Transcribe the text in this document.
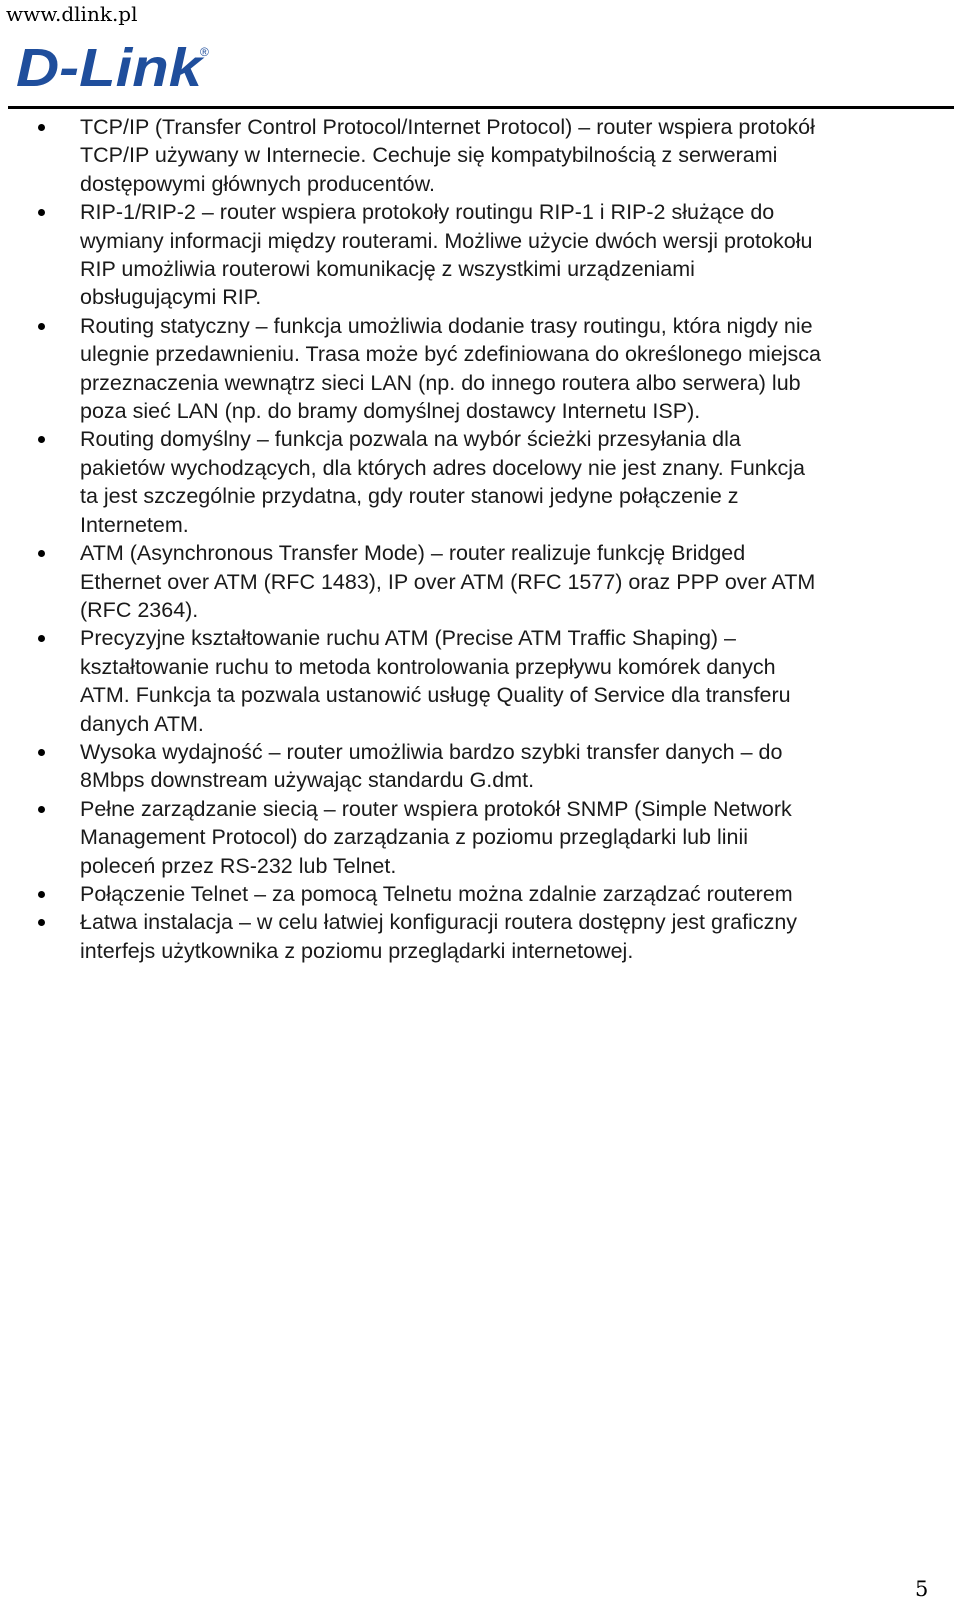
www.dlink.pl
D-Link
®
TCP/IP (Transfer Control Protocol/Internet Protocol) – router wspiera protokół
TCP/IP używany w Internecie. Cechuje się kompatybilnością z serwerami
dostępowymi głównych producentów.
RIP-1/RIP-2 – router wspiera protokoły routingu RIP-1 i RIP-2 służące do
wymiany informacji między routerami. Możliwe użycie dwóch wersji protokołu
RIP umożliwia routerowi komunikację z wszystkimi urządzeniami
obsługującymi RIP.
Routing statyczny – funkcja umożliwia dodanie trasy routingu, która nigdy nie
ulegnie przedawnieniu. Trasa może być zdefiniowana do określonego miejsca
przeznaczenia wewnątrz sieci LAN (np. do innego routera albo serwera) lub
poza sieć LAN (np. do bramy domyślnej dostawcy Internetu ISP).
Routing domyślny – funkcja pozwala na wybór ścieżki przesyłania dla
pakietów wychodzących, dla których adres docelowy nie jest znany. Funkcja
ta jest szczególnie przydatna, gdy router stanowi jedyne połączenie z
Internetem.
ATM (Asynchronous Transfer Mode) – router realizuje funkcję Bridged
Ethernet over ATM (RFC 1483), IP over ATM (RFC 1577) oraz PPP over ATM
(RFC 2364).
Precyzyjne kształtowanie ruchu ATM (Precise ATM Traffic Shaping) –
kształtowanie ruchu to metoda kontrolowania przepływu komórek danych
ATM. Funkcja ta pozwala ustanowić usługę Quality of Service dla transferu
danych ATM.
Wysoka wydajność – router umożliwia bardzo szybki transfer danych – do
8Mbps downstream używając standardu G.dmt.
Pełne zarządzanie siecią – router wspiera protokół SNMP (Simple Network
Management Protocol) do zarządzania z poziomu przeglądarki lub linii
poleceń przez RS-232 lub Telnet.
Połączenie Telnet – za pomocą Telnetu można zdalnie zarządzać routerem
Łatwa instalacja – w celu łatwiej konfiguracji routera dostępny jest graficzny
interfejs użytkownika z poziomu przeglądarki internetowej.
5
